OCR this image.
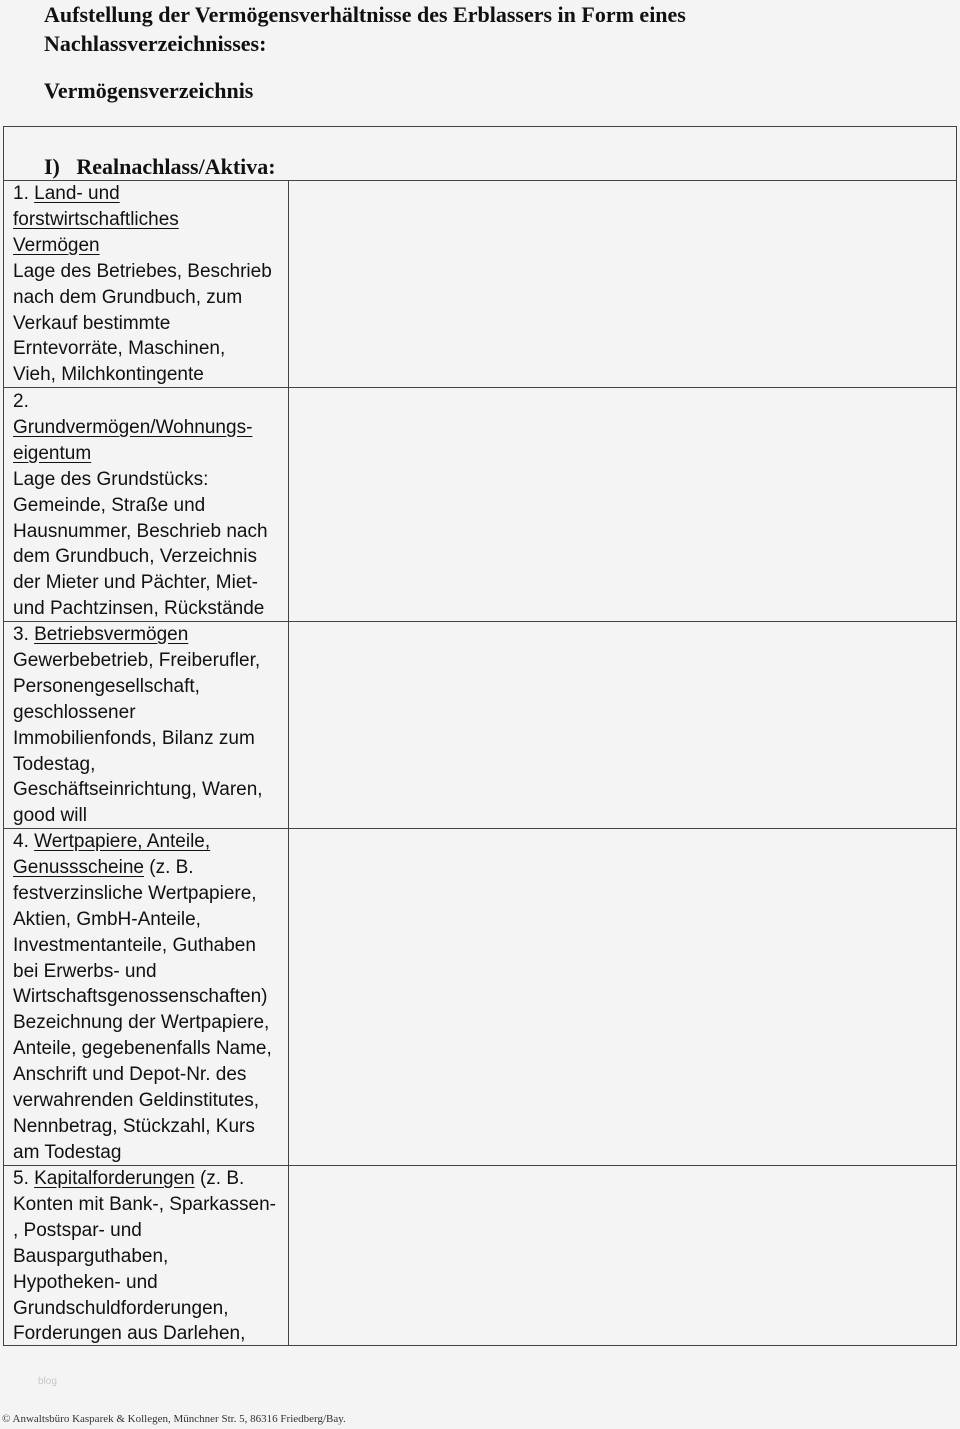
Aufstellung der Vermögensverhältnisse des Erblassers in Form eines
Nachlassverzeichnisses:
Vermögensverzeichnis
I)   Realnachlass/Aktiva:
1. Land- und
forstwirtschaftliches
Vermögen
Lage des Betriebes, Beschrieb
nach dem Grundbuch, zum
Verkauf bestimmte
Erntevorräte, Maschinen,
Vieh, Milchkontingente
2.
Grundvermögen/Wohnungs-
eigentum
Lage des Grundstücks:
Gemeinde, Straße und
Hausnummer, Beschrieb nach
dem Grundbuch, Verzeichnis
der Mieter und Pächter, Miet-
und Pachtzinsen, Rückstände
3. Betriebsvermögen
Gewerbebetrieb, Freiberufler,
Personengesellschaft,
geschlossener
Immobilienfonds, Bilanz zum
Todestag,
Geschäftseinrichtung, Waren,
good will
4. Wertpapiere, Anteile,
Genussscheine (z. B.
festverzinsliche Wertpapiere,
Aktien, GmbH-Anteile,
Investmentanteile, Guthaben
bei Erwerbs- und
Wirtschaftsgenossenschaften)
Bezeichnung der Wertpapiere,
Anteile, gegebenenfalls Name,
Anschrift und Depot-Nr. des
verwahrenden Geldinstitutes,
Nennbetrag, Stückzahl, Kurs
am Todestag
5. Kapitalforderungen (z. B.
Konten mit Bank-, Sparkassen-
, Postspar- und
Bausparguthaben,
Hypotheken- und
Grundschuldforderungen,
Forderungen aus Darlehen,
blog
© Anwaltsbüro Kasparek & Kollegen, Münchner Str. 5, 86316 Friedberg/Bay.
